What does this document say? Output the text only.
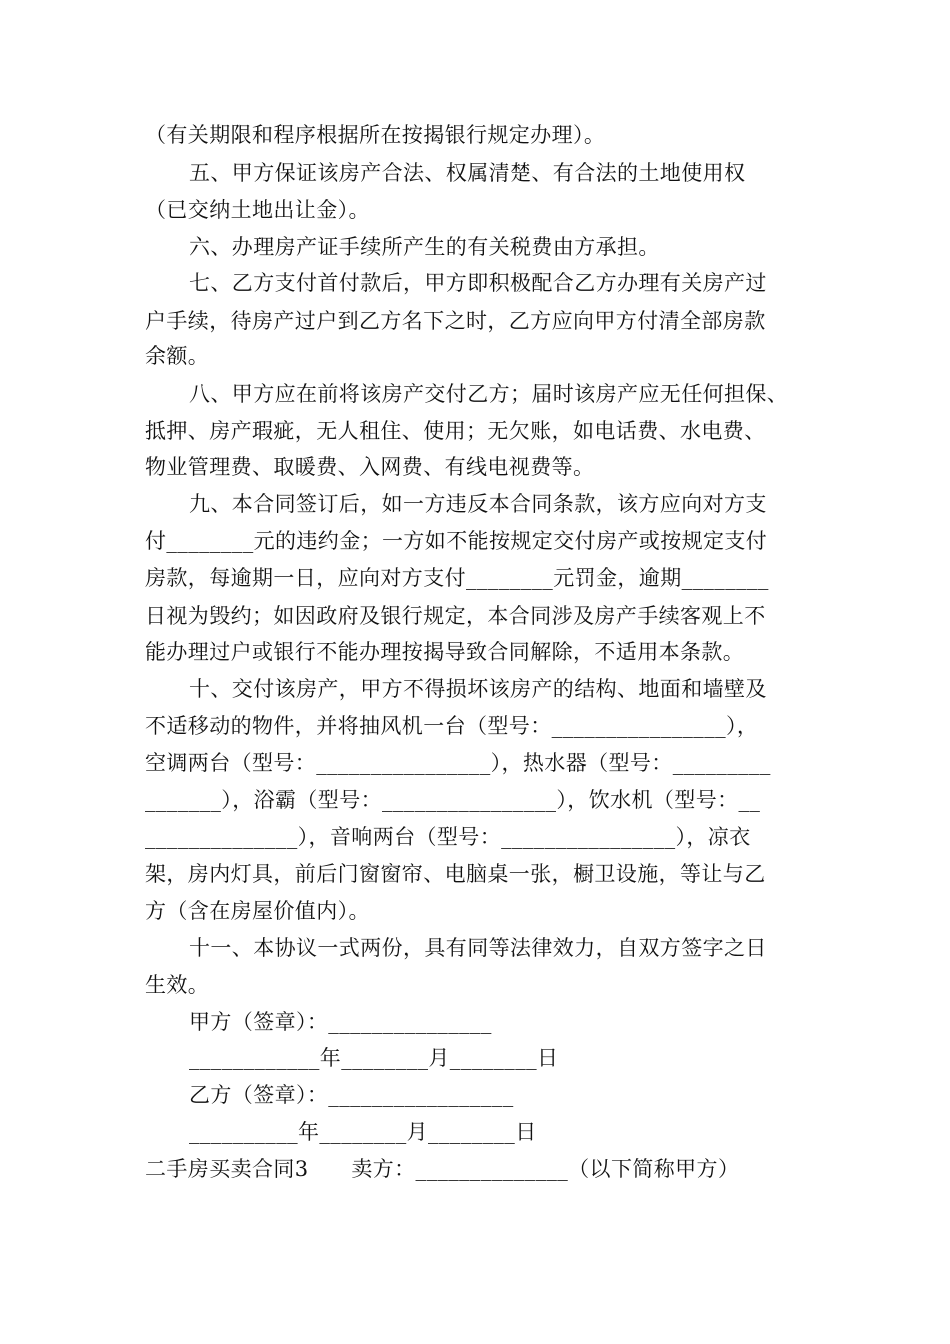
（有关期限和程序根据所在按揭银行规定办理）。
五、甲方保证该房产合法、权属清楚、有合法的土地使用权
（已交纳土地出让金）。
六、办理房产证手续所产生的有关税费由方承担。
七、乙方支付首付款后，甲方即积极配合乙方办理有关房产过
户手续，待房产过户到乙方名下之时，乙方应向甲方付清全部房款
余额。
八、甲方应在前将该房产交付乙方；届时该房产应无任何担保、
抵押、房产瑕疵，无人租住、使用；无欠账，如电话费、水电费、
物业管理费、取暖费、入网费、有线电视费等。
九、本合同签订后，如一方违反本合同条款，该方应向对方支
付________元的违约金；一方如不能按规定交付房产或按规定支付
房款，每逾期一日，应向对方支付________元罚金，逾期________
日视为毁约；如因政府及银行规定，本合同涉及房产手续客观上不
能办理过户或银行不能办理按揭导致合同解除，不适用本条款。
十、交付该房产，甲方不得损坏该房产的结构、地面和墙壁及
不适移动的物件，并将抽风机一台（型号：________________），
空调两台（型号：________________），热水器（型号：_________
_______），浴霸（型号：________________），饮水机（型号：__
______________），音响两台（型号：________________），凉衣
架，房内灯具，前后门窗窗帘、电脑桌一张，橱卫设施，等让与乙
方（含在房屋价值内）。
十一、本协议一式两份，具有同等法律效力，自双方签字之日
生效。
甲方（签章）：_______________
____________年________月________日
乙方（签章）：_________________
__________年________月________日
二手房买卖合同3　　卖方：______________（以下简称甲方）
